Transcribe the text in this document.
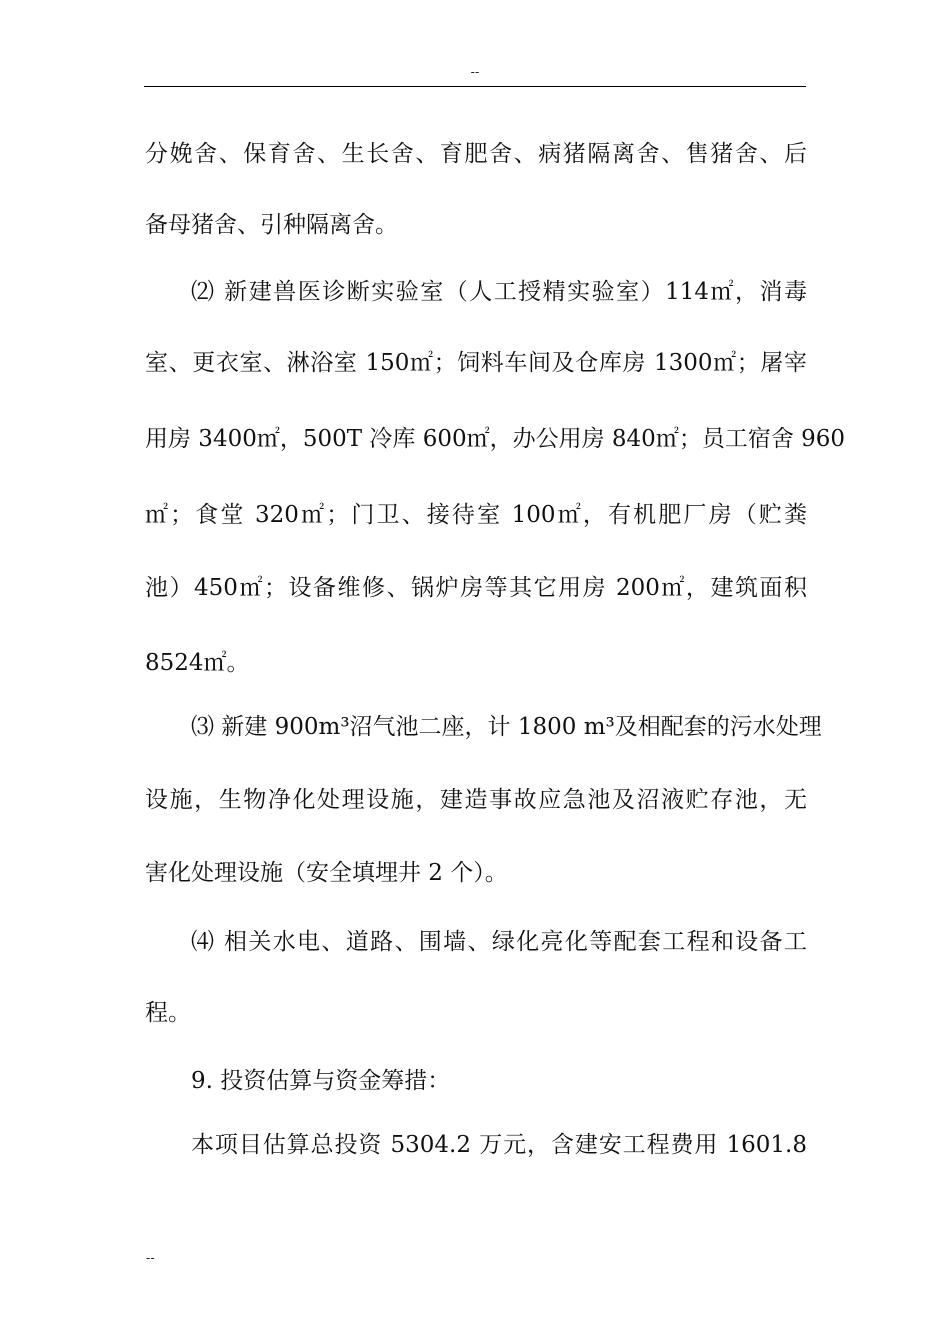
--
分娩舍、保育舍、生长舍、育肥舍、病猪隔离舍、售猪舍、后
备母猪舍、引种隔离舍。
⑵ 新建兽医诊断实验室（人工授精实验室）114㎡，消毒
室、更衣室、淋浴室 150㎡；饲料车间及仓库房 1300㎡；屠宰
用房 3400㎡，500T 冷库 600㎡，办公用房 840㎡；员工宿舍 960
㎡；食堂 320㎡；门卫、接待室 100㎡，有机肥厂房（贮粪
池）450㎡；设备维修、锅炉房等其它用房 200㎡，建筑面积
8524㎡。
⑶ 新建 900m³沼气池二座，计 1800 m³及相配套的污水处理
设施，生物净化处理设施，建造事故应急池及沼液贮存池，无
害化处理设施（安全填埋井 2 个）。
⑷ 相关水电、道路、围墙、绿化亮化等配套工程和设备工
程。
9. 投资估算与资金筹措：
本项目估算总投资 5304.2 万元，含建安工程费用 1601.8
--
